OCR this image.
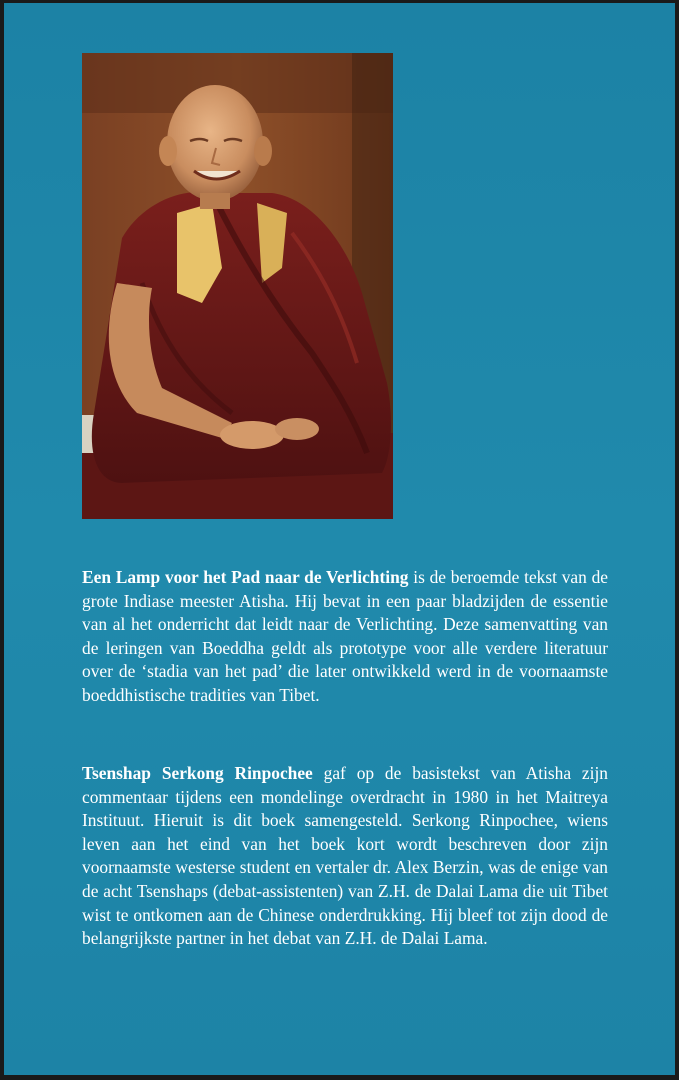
Een Lamp voor het Pad naar de Verlichting is de beroemde tekst van de grote Indiase meester Atisha. Hij bevat in een paar bladzijden de essentie van al het onderricht dat leidt naar de Verlichting. Deze samenvatting van de leringen van Boeddha geldt als prototype voor alle verdere literatuur over de ‘stadia van het pad’ die later ontwikkeld werd in de voornaamste boeddhistische tradities van Tibet.
Tsenshap Serkong Rinpochee gaf op de basistekst van Atisha zijn commentaar tijdens een mondelinge overdracht in 1980 in het Maitreya Instituut. Hieruit is dit boek samengesteld. Serkong Rinpochee, wiens leven aan het eind van het boek kort wordt beschreven door zijn voornaamste westerse student en vertaler dr. Alex Berzin, was de enige van de acht Tsenshaps (debat-assistenten) van Z.H. de Dalai Lama die uit Tibet wist te ontkomen aan de Chinese onderdrukking. Hij bleef tot zijn dood de belangrijkste partner in het debat van Z.H. de Dalai Lama.
